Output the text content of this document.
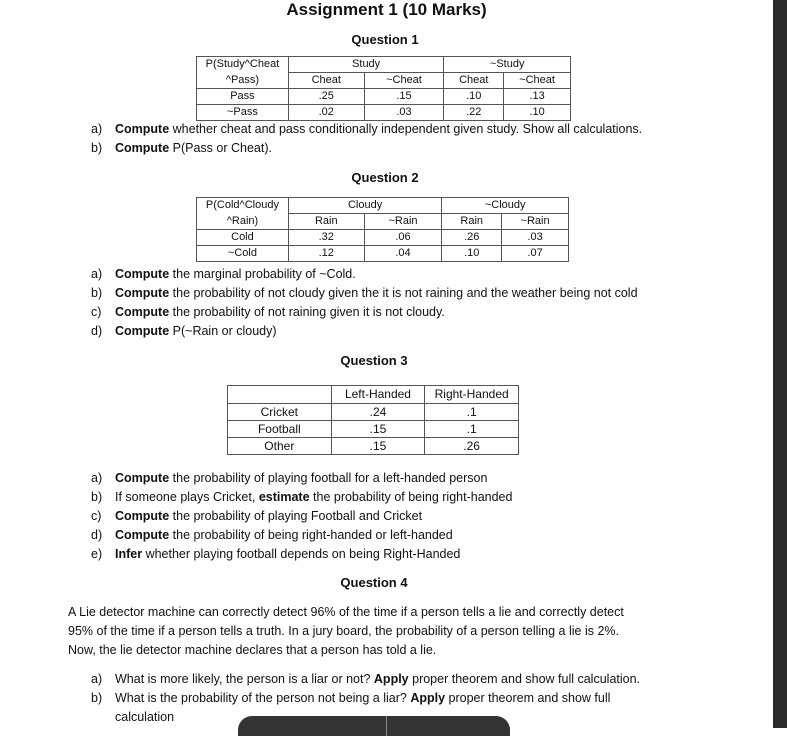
Assignment 1 (10 Marks)
Question 1
P(Study^Cheat	Study		~Study	
^Pass)	Cheat	~Cheat	Cheat	~Cheat
Pass	.25	.15	.10	.13
~Pass	.02	.03	.22	.10
a)	Compute whether cheat and pass conditionally independent given study. Show all calculations.
b)	Compute P(Pass or Cheat).
Question 2
P(Cold^Cloudy	Cloudy		~Cloudy	
^Rain)	Rain	~Rain	Rain	~Rain
Cold	.32	.06	.26	.03
~Cold	.12	.04	.10	.07
a)	Compute the marginal probability of ~Cold.
b)	Compute the probability of not cloudy given the it is not raining and the weather being not cold
c)	Compute the probability of not raining given it is not cloudy.
d)	Compute P(~Rain or cloudy)
Question 3
	Left-Handed	Right-Handed
Cricket	.24	.1
Football	.15	.1
Other	.15	.26
a)	Compute the probability of playing football for a left-handed person
b)	If someone plays Cricket, estimate the probability of being right-handed
c)	Compute the probability of playing Football and Cricket
d)	Compute the probability of being right-handed or left-handed
e)	Infer whether playing football depends on being Right-Handed
Question 4
A Lie detector machine can correctly detect 96% of the time if a person tells a lie and correctly detect
95% of the time if a person tells a truth. In a jury board, the probability of a person telling a lie is 2%.
Now, the lie detector machine declares that a person has told a lie.
a)	What is more likely, the person is a liar or not? Apply proper theorem and show full calculation.
b)	What is the probability of the person not being a liar? Apply proper theorem and show full
calculation
